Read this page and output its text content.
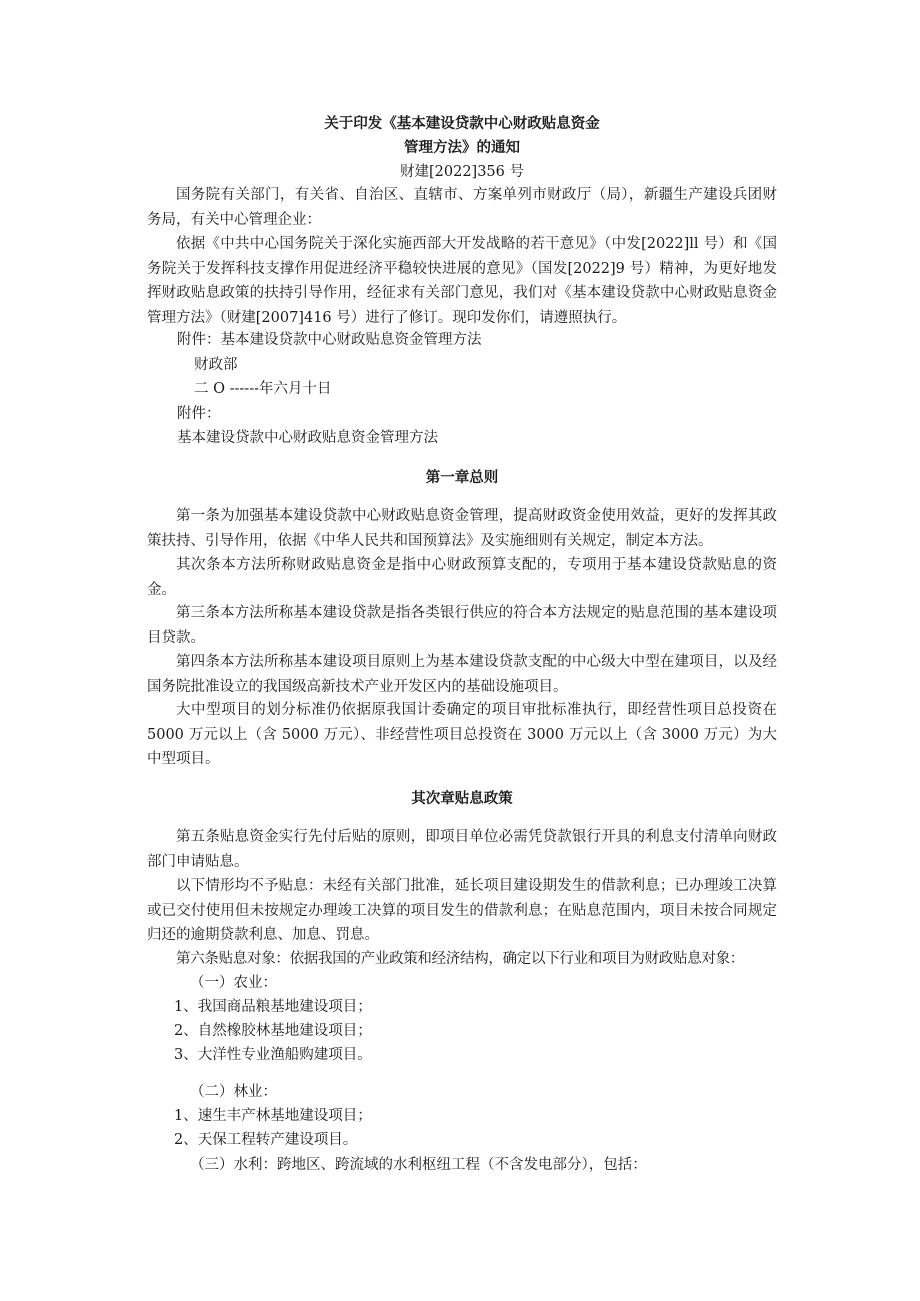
关于印发《基本建设贷款中心财政贴息资金
管理方法》的通知
财建[2022]356 号
国务院有关部门，有关省、自治区、直辖市、方案单列市财政厅（局），新疆生产建设兵团财务局，有关中心管理企业：
依据《中共中心国务院关于深化实施西部大开发战略的若干意见》（中发[2022]ll 号）和《国务院关于发挥科技支撑作用促进经济平稳较快进展的意见》（国发[2022]9 号）精神，为更好地发挥财政贴息政策的扶持引导作用，经征求有关部门意见，我们对《基本建设贷款中心财政贴息资金管理方法》（财建[2007]416 号）进行了修订。现印发你们，请遵照执行。
附件：基本建设贷款中心财政贴息资金管理方法
财政部
二 O ------年六月十日
附件：
基本建设贷款中心财政贴息资金管理方法
第一章总则
第一条为加强基本建设贷款中心财政贴息资金管理，提高财政资金使用效益，更好的发挥其政策扶持、引导作用，依据《中华人民共和国预算法》及实施细则有关规定，制定本方法。
其次条本方法所称财政贴息资金是指中心财政预算支配的，专项用于基本建设贷款贴息的资金。
第三条本方法所称基本建设贷款是指各类银行供应的符合本方法规定的贴息范围的基本建设项目贷款。
第四条本方法所称基本建设项目原则上为基本建设贷款支配的中心级大中型在建项目，以及经国务院批准设立的我国级高新技术产业开发区内的基础设施项目。
大中型项目的划分标准仍依据原我国计委确定的项目审批标准执行，即经营性项目总投资在 5000 万元以上（含 5000 万元）、非经营性项目总投资在 3000 万元以上（含 3000 万元）为大中型项目。
其次章贴息政策
第五条贴息资金实行先付后贴的原则，即项目单位必需凭贷款银行开具的利息支付清单向财政部门申请贴息。
以下情形均不予贴息：未经有关部门批准，延长项目建设期发生的借款利息；已办理竣工决算或已交付使用但未按规定办理竣工决算的项目发生的借款利息；在贴息范围内，项目未按合同规定归还的逾期贷款利息、加息、罚息。
第六条贴息对象：依据我国的产业政策和经济结构，确定以下行业和项目为财政贴息对象：
（一）农业：
1、我国商品粮基地建设项目；
2、自然橡胶林基地建设项目；
3、大洋性专业渔船购建项目。
（二）林业：
1、速生丰产林基地建设项目；
2、天保工程转产建设项目。
（三）水利：跨地区、跨流域的水利枢纽工程（不含发电部分），包括：
